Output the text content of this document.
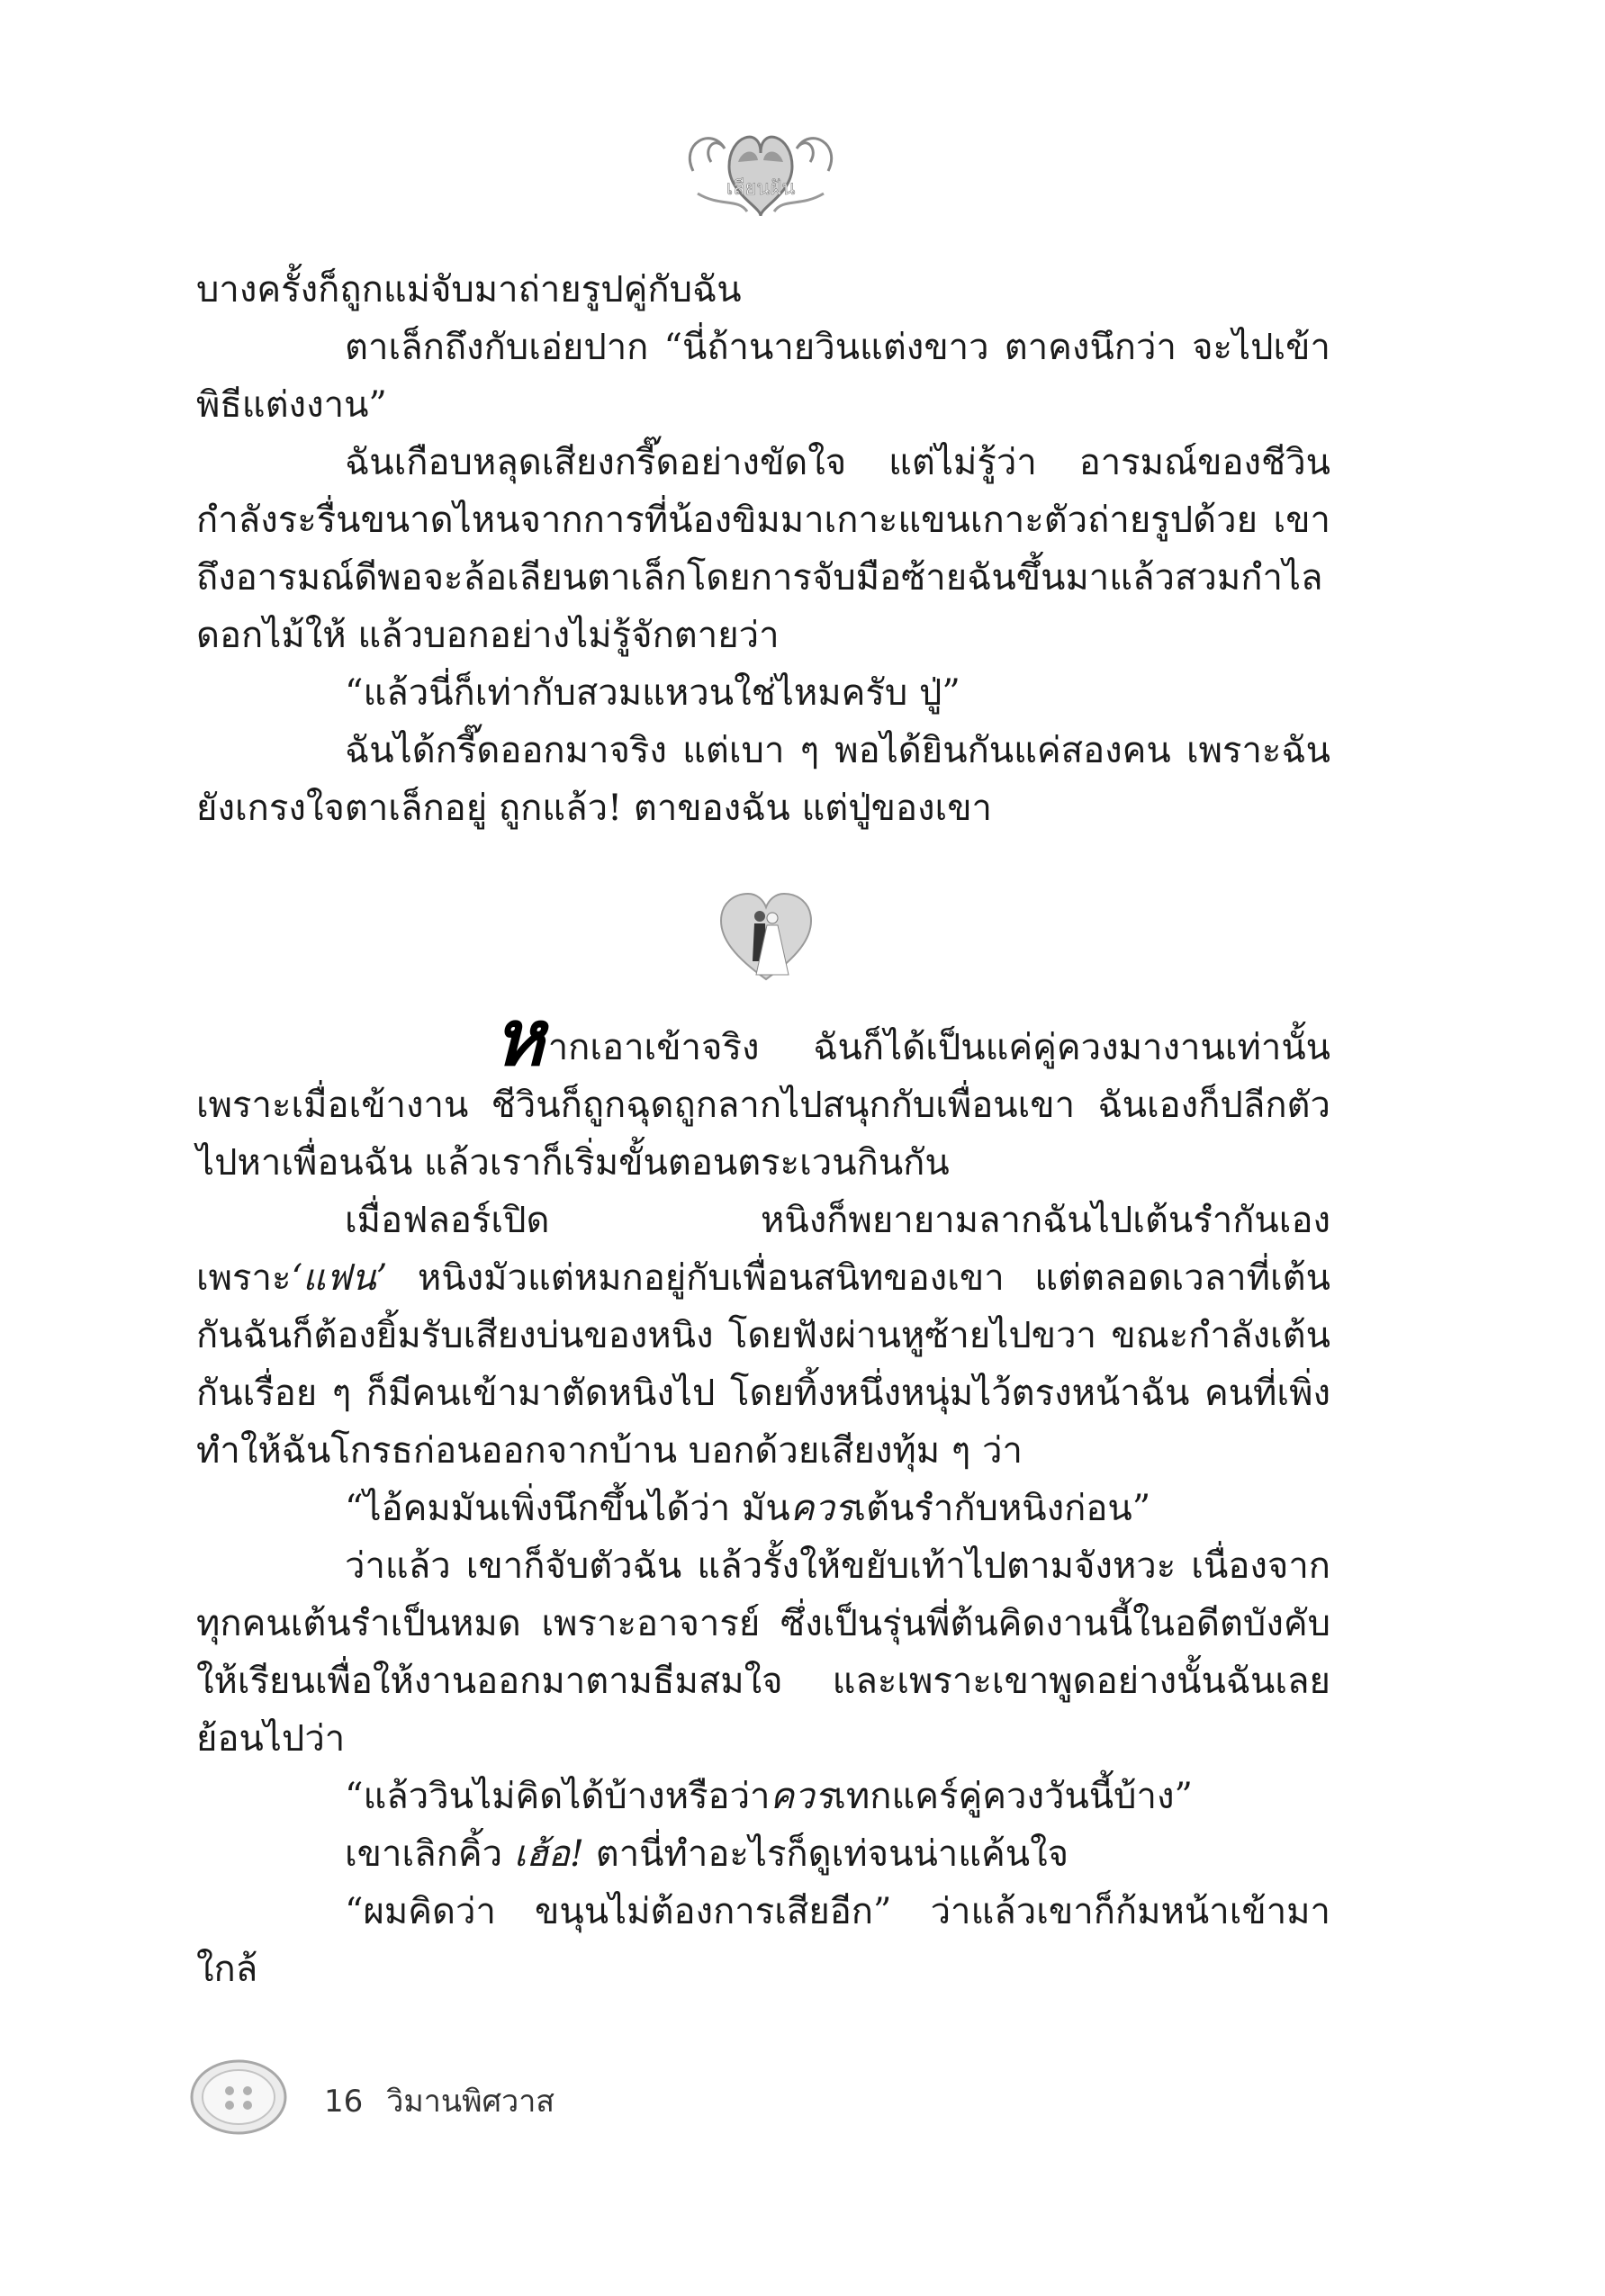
เลียนฝัน

บางครั้งก็ถูกแม่จับมาถ่ายรูปคู่กับฉัน

ตาเล็กถึงกับเอ่ยปาก “นี่ถ้านายวินแต่งขาว ตาคงนึกว่า จะไปเข้าพิธีแต่งงาน”

ฉันเกือบหลุดเสียงกรี๊ดอย่างขัดใจ แต่ไม่รู้ว่า อารมณ์ของชีวินกำลังระรื่นขนาดไหนจากการที่น้องขิมมาเกาะแขนเกาะตัวถ่ายรูปด้วย เขาถึงอารมณ์ดีพอจะล้อเลียนตาเล็กโดยการจับมือซ้ายฉันขึ้นมาแล้วสวมกำไลดอกไม้ให้ แล้วบอกอย่างไม่รู้จักตายว่า

“แล้วนี่ก็เท่ากับสวมแหวนใช่ไหมครับ ปู่”

ฉันได้กรี๊ดออกมาจริง แต่เบา ๆ พอได้ยินกันแค่สองคน เพราะฉันยังเกรงใจตาเล็กอยู่ ถูกแล้ว! ตาของฉัน แต่ปู่ของเขา

หากเอาเข้าจริง ฉันก็ได้เป็นแค่คู่ควงมางานเท่านั้น เพราะเมื่อเข้างาน ชีวินก็ถูกฉุดถูกลากไปสนุกกับเพื่อนเขา ฉันเองก็ปลีกตัวไปหาเพื่อนฉัน แล้วเราก็เริ่มขั้นตอนตระเวนกินกัน

เมื่อฟลอร์เปิด หนิงก็พยายามลากฉันไปเต้นรำกันเอง เพราะ‘แฟน’ หนิงมัวแต่หมกอยู่กับเพื่อนสนิทของเขา แต่ตลอดเวลาที่เต้นกันฉันก็ต้องยิ้มรับเสียงบ่นของหนิง โดยฟังผ่านหูซ้ายไปขวา ขณะกำลังเต้นกันเรื่อย ๆ ก็มีคนเข้ามาตัดหนิงไป โดยทิ้งหนึ่งหนุ่มไว้ตรงหน้าฉัน คนที่เพิ่งทำให้ฉันโกรธก่อนออกจากบ้าน บอกด้วยเสียงทุ้ม ๆ ว่า

“ไอ้คมมันเพิ่งนึกขึ้นได้ว่า มันควรเต้นรำกับหนิงก่อน”

ว่าแล้ว เขาก็จับตัวฉัน แล้วรั้งให้ขยับเท้าไปตามจังหวะ เนื่องจากทุกคนเต้นรำเป็นหมด เพราะอาจารย์ ซึ่งเป็นรุ่นพี่ต้นคิดงานนี้ในอดีตบังคับให้เรียนเพื่อให้งานออกมาตามธีมสมใจ และเพราะเขาพูดอย่างนั้นฉันเลยย้อนไปว่า

“แล้ววินไม่คิดได้บ้างหรือว่าควรเทกแคร์คู่ควงวันนี้บ้าง”

เขาเลิกคิ้ว เฮ้อ! ตานี่ทำอะไรก็ดูเท่จนน่าแค้นใจ

“ผมคิดว่า ขนุนไม่ต้องการเสียอีก” ว่าแล้วเขาก็ก้มหน้าเข้ามาใกล้

16 วิมานพิศวาส
